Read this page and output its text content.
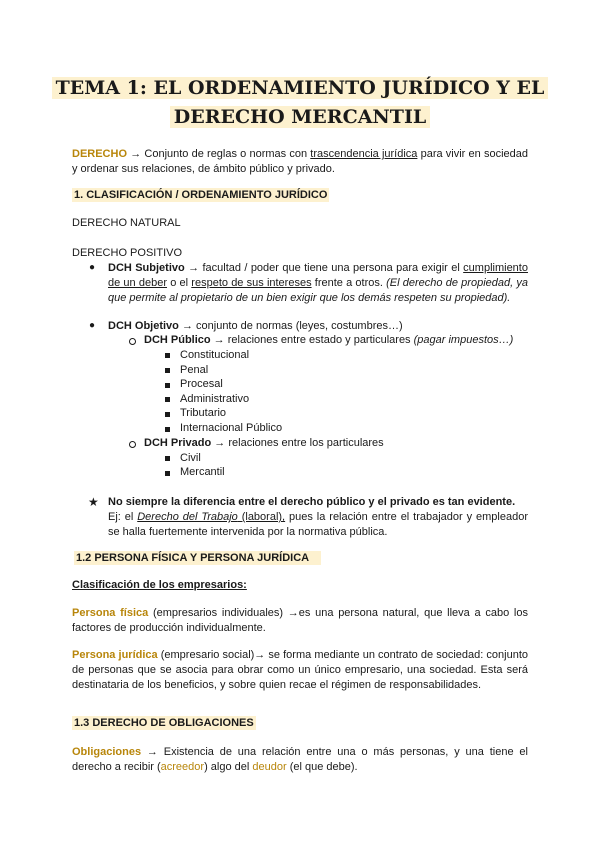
TEMA 1: EL ORDENAMIENTO JURÍDICO Y EL
DERECHO MERCANTIL
DERECHO → Conjunto de reglas o normas con trascendencia jurídica para vivir en sociedad y ordenar sus relaciones, de ámbito público y privado.
1. CLASIFICACIÓN / ORDENAMIENTO JURÍDICO
DERECHO NATURAL
DERECHO POSITIVO
● DCH Subjetivo → facultad / poder que tiene una persona para exigir el cumplimiento de un deber o el respeto de sus intereses frente a otros. (El derecho de propiedad, ya que permite al propietario de un bien exigir que los demás respeten su propiedad).
● DCH Objetivo → conjunto de normas (leyes, costumbres…)
DCH Público → relaciones entre estado y particulares (pagar impuestos…)
Constitucional
Penal
Procesal
Administrativo
Tributario
Internacional Público
DCH Privado → relaciones entre los particulares
Civil
Mercantil
★ No siempre la diferencia entre el derecho público y el privado es tan evidente.
Ej: el Derecho del Trabajo (laboral), pues la relación entre el trabajador y empleador se halla fuertemente intervenida por la normativa pública.
1.2 PERSONA FÍSICA Y PERSONA JURÍDICA
Clasificación de los empresarios:
Persona física (empresarios individuales) →es una persona natural, que lleva a cabo los factores de producción individualmente.
Persona jurídica (empresario social)→ se forma mediante un contrato de sociedad: conjunto de personas que se asocia para obrar como un único empresario, una sociedad. Esta será destinataria de los beneficios, y sobre quien recae el régimen de responsabilidades.
1.3 DERECHO DE OBLIGACIONES
Obligaciones → Existencia de una relación entre una o más personas, y una tiene el derecho a recibir (acreedor) algo del deudor (el que debe).
